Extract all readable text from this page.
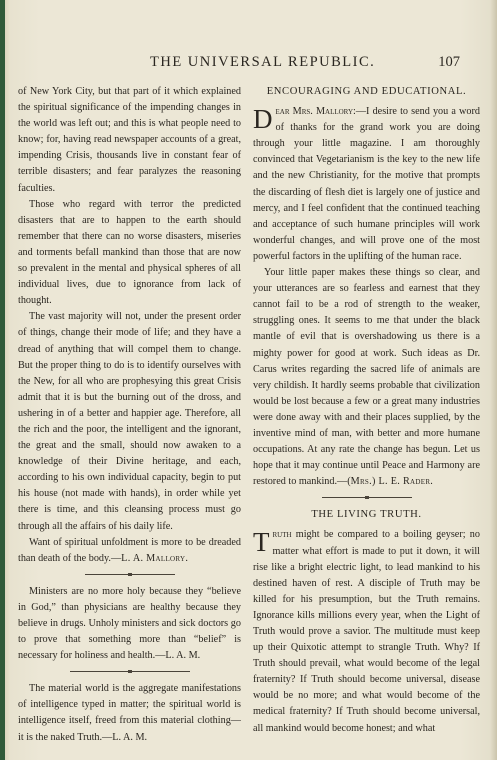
THE UNIVERSAL REPUBLIC.	107

of New York City, but that part of it which explained the spiritual significance of the impending changes in the world was left out; and this is what people need to know; for, having read newspaper accounts of a great, impending Crisis, thousands live in constant fear of terrible disasters; and fear paralyzes the reasoning faculties.

Those who regard with terror the predicted disasters that are to happen to the earth should remember that there can no worse disasters, miseries and torments befall mankind than those that are now so prevalent in the mental and physical spheres of all individual lives, due to ignorance from lack of thought.

The vast majority will not, under the present order of things, change their mode of life; and they have a dread of anything that will compel them to change. But the proper thing to do is to identify ourselves with the New, for all who are prophesying this great Crisis admit that it is but the burning out of the dross, and ushering in of a better and happier age. Therefore, all the rich and the poor, the intelligent and the ignorant, the great and the small, should now awaken to a knowledge of their Divine heritage, and each, according to his own individual capacity, begin to put his house (not made with hands), in order while yet there is time, and this cleansing process must go through all the affairs of his daily life.

Want of spiritual unfoldment is more to be dreaded than death of the body.—L. A. Mallory.

Ministers are no more holy because they “believe in God,” than physicians are healthy because they believe in drugs. Unholy ministers and sick doctors go to prove that something more than “belief” is necessary for holiness and health.—L. A. M.

The material world is the aggregate manifestations of intelligence typed in matter; the spiritual world is intelligence itself, freed from this material clothing—it is the naked Truth.—L. A. M.

ENCOURAGING AND EDUCATIONAL.

Dear Mrs. Mallory:—I desire to send you a word of thanks for the grand work you are doing through your little magazine. I am thoroughly convinced that Vegetarianism is the key to the new life and the new Christianity, for the motive that prompts the discarding of flesh diet is largely one of justice and mercy, and I feel confident that the continued teaching and acceptance of such humane principles will work wonderful changes, and will prove one of the most powerful factors in the uplifting of the human race.

Your little paper makes these things so clear, and your utterances are so fearless and earnest that they cannot fail to be a rod of strength to the weaker, struggling ones. It seems to me that under the black mantle of evil that is overshadowing us there is a mighty power for good at work. Such ideas as Dr. Carus writes regarding the sacred life of animals are very childish. It hardly seems probable that civilization would be lost because a few or a great many industries were done away with and their places supplied, by the inventive mind of man, with better and more humane occupations. At any rate the change has begun. Let us hope that it may continue until Peace and Harmony are restored to mankind.—(Mrs.) L. E. Rader.

THE LIVING TRUTH.

Truth might be compared to a boiling geyser; no matter what effort is made to put it down, it will rise like a bright electric light, to lead mankind to his destined haven of rest. A disciple of Truth may be killed for his presumption, but the Truth remains. Ignorance kills millions every year, when the Light of Truth would prove a savior. The multitude must keep up their Quixotic attempt to strangle Truth. Why? If Truth should prevail, what would become of the legal fraternity? If Truth should become universal, disease would be no more; and what would become of the medical fraternity? If Truth should become universal, all mankind would become honest; and what
